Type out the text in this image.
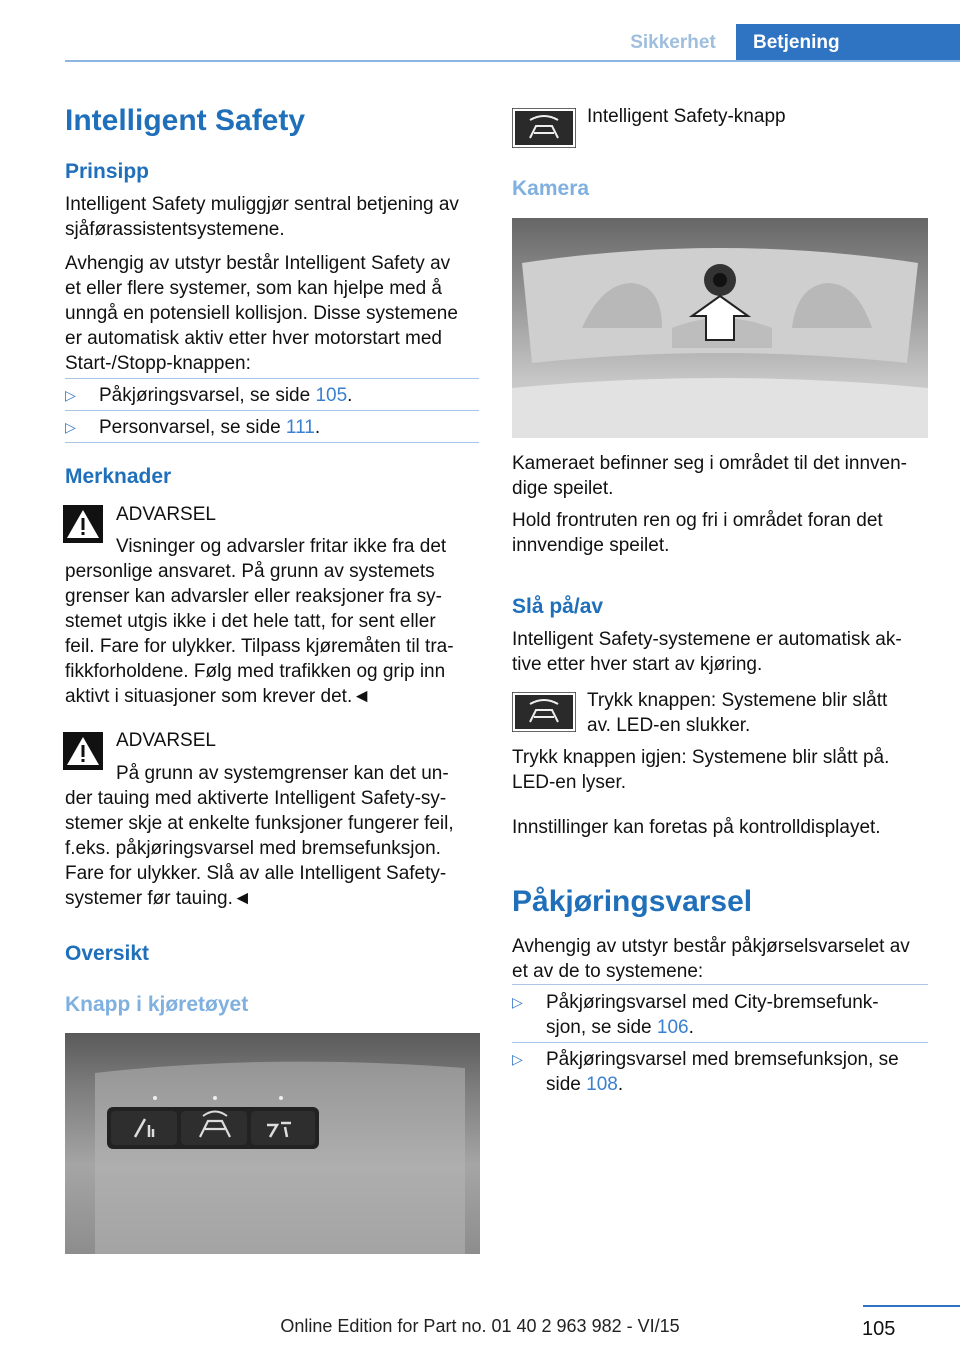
Sikkerhet	Betjening
Intelligent Safety
Prinsipp
Intelligent Safety muliggjør sentral betjening av
sjåførassistentsystemene.
Avhengig av utstyr består Intelligent Safety av
et eller flere systemer, som kan hjelpe med å
unngå en potensiell kollisjon. Disse systemene
er automatisk aktiv etter hver motorstart med
Start-/Stopp-knappen:
▷ Påkjøringsvarsel, se side 105.
▷ Personvarsel, se side 111.
Merknader
ADVARSEL
Visninger og advarsler fritar ikke fra det
personlige ansvaret. På grunn av systemets
grenser kan advarsler eller reaksjoner fra sy-
stemet utgis ikke i det hele tatt, for sent eller
feil. Fare for ulykker. Tilpass kjøremåten til tra-
fikkforholdene. Følg med trafikken og grip inn
aktivt i situasjoner som krever det.◄
ADVARSEL
På grunn av systemgrenser kan det un-
der tauing med aktiverte Intelligent Safety-sy-
stemer skje at enkelte funksjoner fungerer feil,
f.eks. påkjøringsvarsel med bremsefunksjon.
Fare for ulykker. Slå av alle Intelligent Safety-
systemer før tauing.◄
Oversikt
Knapp i kjøretøyet
Intelligent Safety-knapp
Kamera
Kameraet befinner seg i området til det innven-
dige speilet.
Hold frontruten ren og fri i området foran det
innvendige speilet.
Slå på/av
Intelligent Safety-systemene er automatisk ak-
tive etter hver start av kjøring.
Trykk knappen: Systemene blir slått
av. LED-en slukker.
Trykk knappen igjen: Systemene blir slått på.
LED-en lyser.
Innstillinger kan foretas på kontrolldisplayet.
Påkjøringsvarsel
Avhengig av utstyr består påkjørselsvarselet av
et av de to systemene:
▷ Påkjøringsvarsel med City-bremsefunk-
sjon, se side 106.
▷ Påkjøringsvarsel med bremsefunksjon, se
side 108.
105
Online Edition for Part no. 01 40 2 963 982 - VI/15
